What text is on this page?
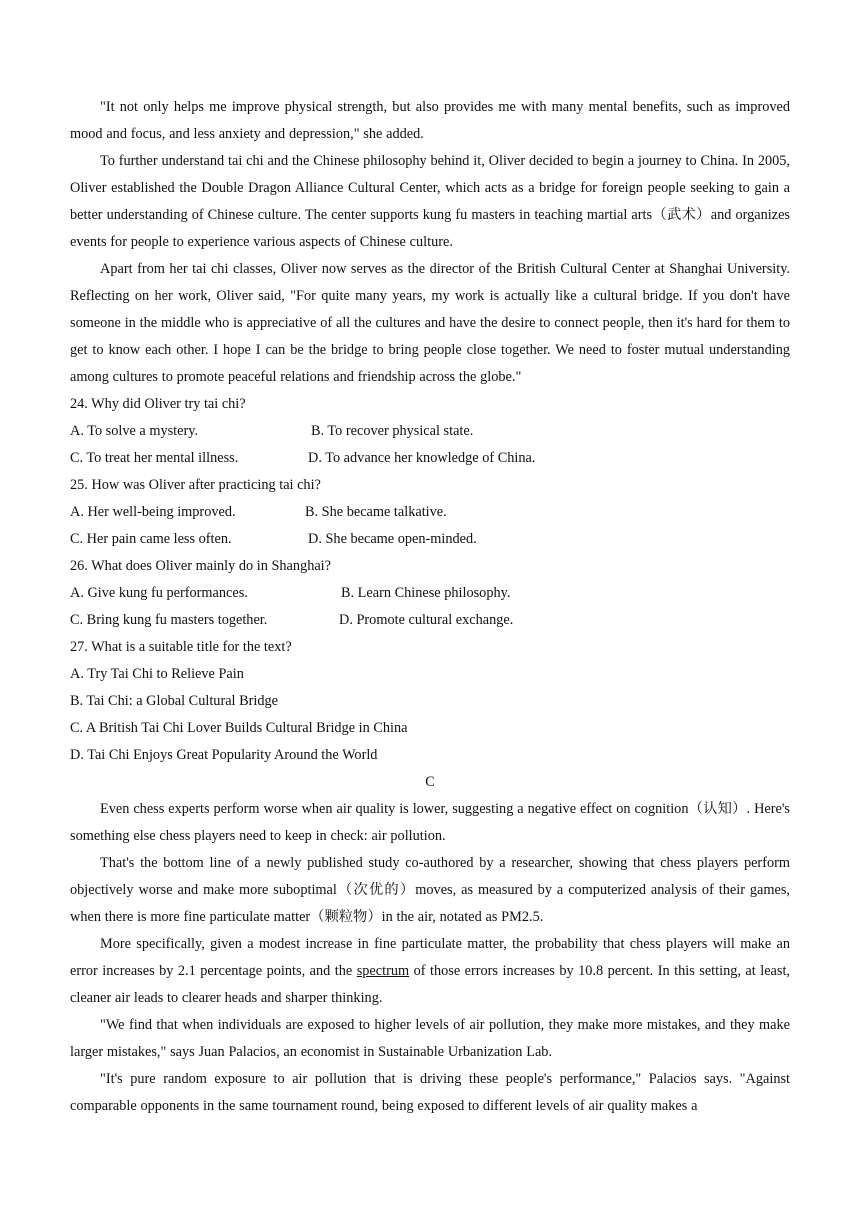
"It not only helps me improve physical strength, but also provides me with many mental benefits, such as improved mood and focus, and less anxiety and depression," she added.

To further understand tai chi and the Chinese philosophy behind it, Oliver decided to begin a journey to China. In 2005, Oliver established the Double Dragon Alliance Cultural Center, which acts as a bridge for foreign people seeking to gain a better understanding of Chinese culture. The center supports kung fu masters in teaching martial arts（武术）and organizes events for people to experience various aspects of Chinese culture.

Apart from her tai chi classes, Oliver now serves as the director of the British Cultural Center at Shanghai University. Reflecting on her work, Oliver said, "For quite many years, my work is actually like a cultural bridge. If you don't have someone in the middle who is appreciative of all the cultures and have the desire to connect people, then it's hard for them to get to know each other. I hope I can be the bridge to bring people close together. We need to foster mutual understanding among cultures to promote peaceful relations and friendship across the globe."

24. Why did Oliver try tai chi?

A. To solve a mystery.	B. To recover physical state.
C. To treat her mental illness.	D. To advance her knowledge of China.

25. How was Oliver after practicing tai chi?

A. Her well-being improved.	B. She became talkative.
C. Her pain came less often.	D. She became open-minded.

26. What does Oliver mainly do in Shanghai?

A. Give kung fu performances.	B. Learn Chinese philosophy.
C. Bring kung fu masters together.	D. Promote cultural exchange.

27. What is a suitable title for the text?

A. Try Tai Chi to Relieve Pain

B. Tai Chi: a Global Cultural Bridge

C. A British Tai Chi Lover Builds Cultural Bridge in China

D. Tai Chi Enjoys Great Popularity Around the World

C

Even chess experts perform worse when air quality is lower, suggesting a negative effect on cognition（认知）. Here's something else chess players need to keep in check: air pollution.

That's the bottom line of a newly published study co-authored by a researcher, showing that chess players perform objectively worse and make more suboptimal（次优的）moves, as measured by a computerized analysis of their games, when there is more fine particulate matter（颗粒物）in the air, notated as PM2.5.

More specifically, given a modest increase in fine particulate matter, the probability that chess players will make an error increases by 2.1 percentage points, and the spectrum of those errors increases by 10.8 percent. In this setting, at least, cleaner air leads to clearer heads and sharper thinking.

"We find that when individuals are exposed to higher levels of air pollution, they make more mistakes, and they make larger mistakes," says Juan Palacios, an economist in Sustainable Urbanization Lab.

"It's pure random exposure to air pollution that is driving these people's performance," Palacios says. "Against comparable opponents in the same tournament round, being exposed to different levels of air quality makes a
